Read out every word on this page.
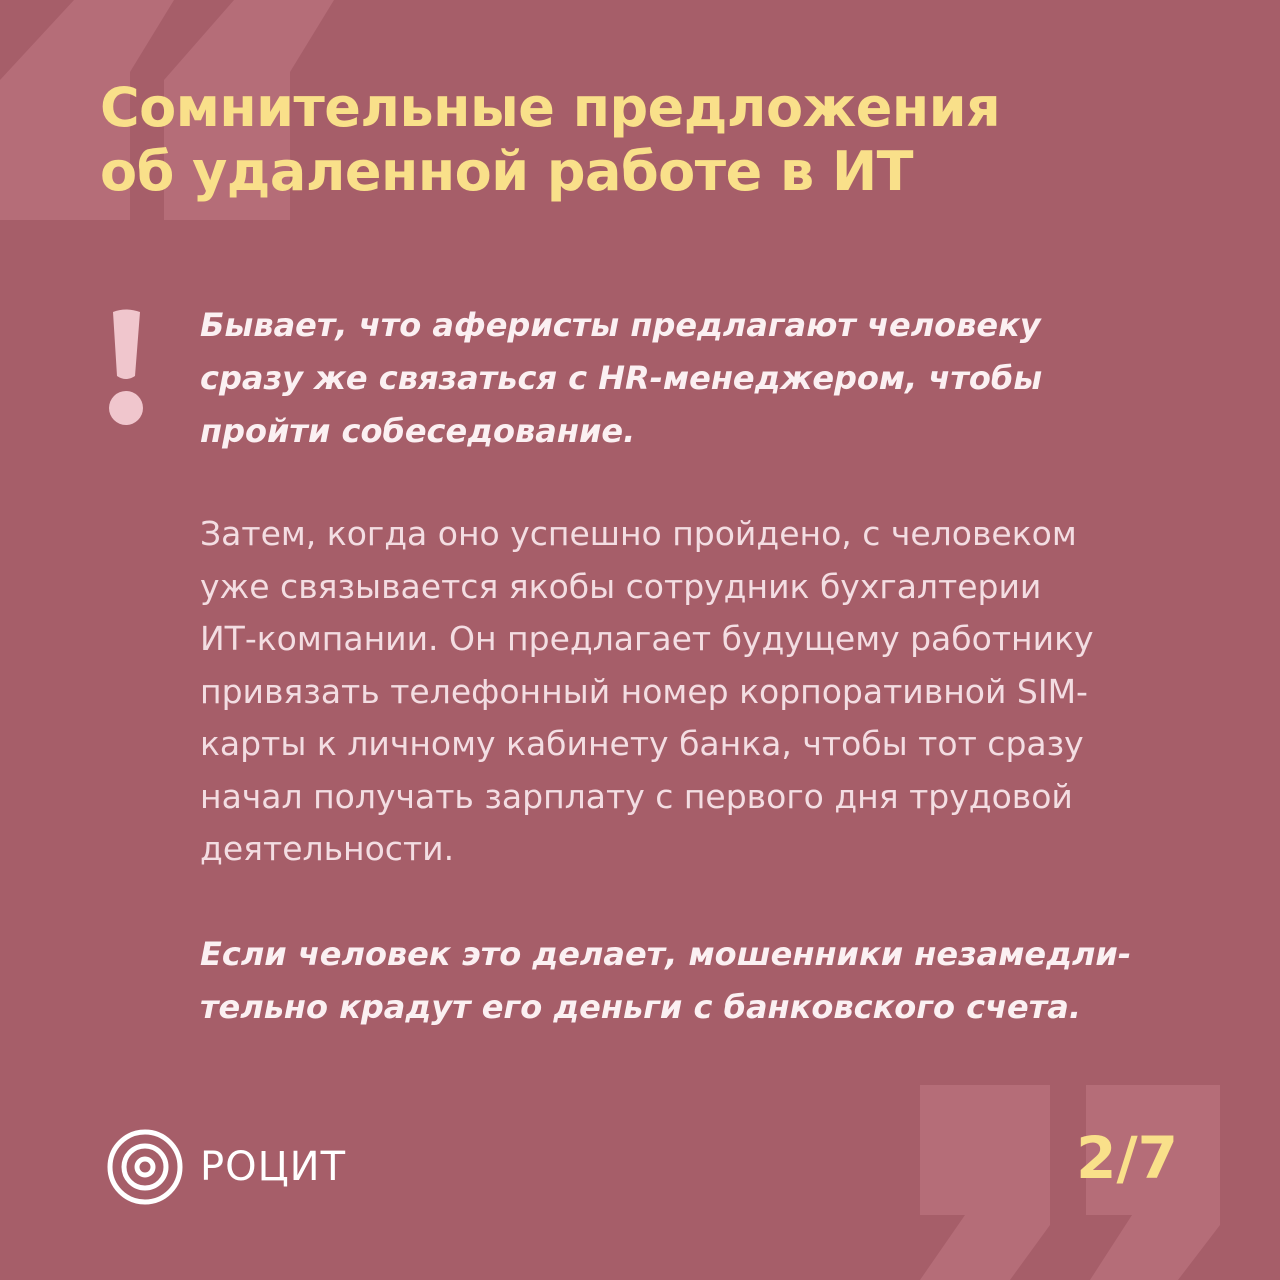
Сомнительные предложения
об удаленной работе в ИТ

Бывает, что аферисты предлагают человеку
сразу же связаться с HR-менеджером, чтобы
пройти собеседование.

Затем, когда оно успешно пройдено, с человеком
уже связывается якобы сотрудник бухгалтерии
ИТ-компании. Он предлагает будущему работнику
привязать телефонный номер корпоративной SIM-
карты к личному кабинету банка, чтобы тот сразу
начал получать зарплату с первого дня трудовой
деятельности.

Если человек это делает, мошенники незамедли-
тельно крадут его деньги с банковского счета.

РОЦИТ	2/7
